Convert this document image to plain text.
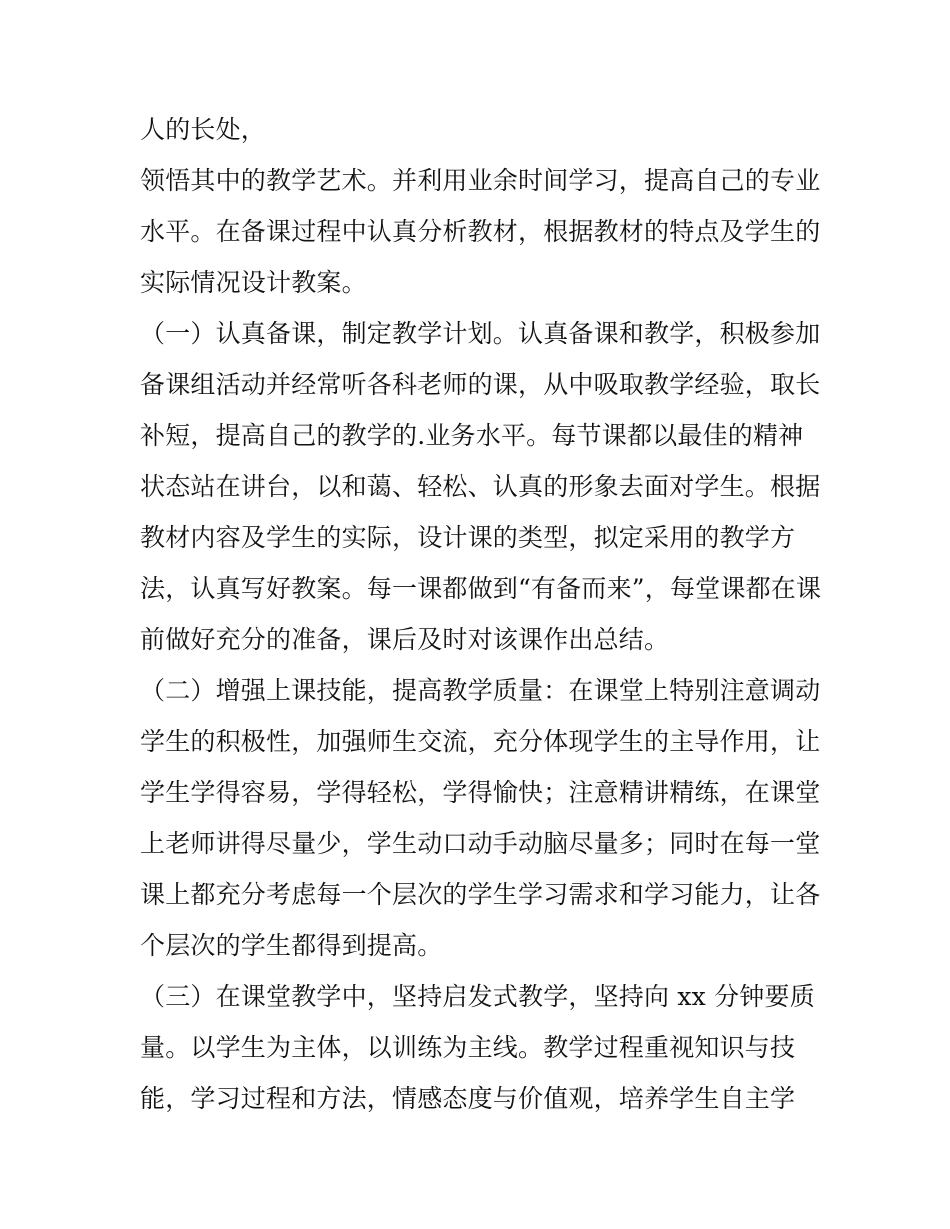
人的长处，
领悟其中的教学艺术。并利用业余时间学习，提高自己的专业
水平。在备课过程中认真分析教材，根据教材的特点及学生的
实际情况设计教案。
（一）认真备课，制定教学计划。认真备课和教学，积极参加
备课组活动并经常听各科老师的课，从中吸取教学经验，取长
补短，提高自己的教学的.业务水平。每节课都以最佳的精神
状态站在讲台，以和蔼、轻松、认真的形象去面对学生。根据
教材内容及学生的实际，设计课的类型，拟定采用的教学方
法，认真写好教案。每一课都做到“有备而来”，每堂课都在课
前做好充分的准备，课后及时对该课作出总结。
（二）增强上课技能，提高教学质量：在课堂上特别注意调动
学生的积极性，加强师生交流，充分体现学生的主导作用，让
学生学得容易，学得轻松，学得愉快；注意精讲精练，在课堂
上老师讲得尽量少，学生动口动手动脑尽量多；同时在每一堂
课上都充分考虑每一个层次的学生学习需求和学习能力，让各
个层次的学生都得到提高。
（三）在课堂教学中，坚持启发式教学，坚持向 xx 分钟要质
量。以学生为主体，以训练为主线。教学过程重视知识与技
能，学习过程和方法，情感态度与价值观，培养学生自主学
